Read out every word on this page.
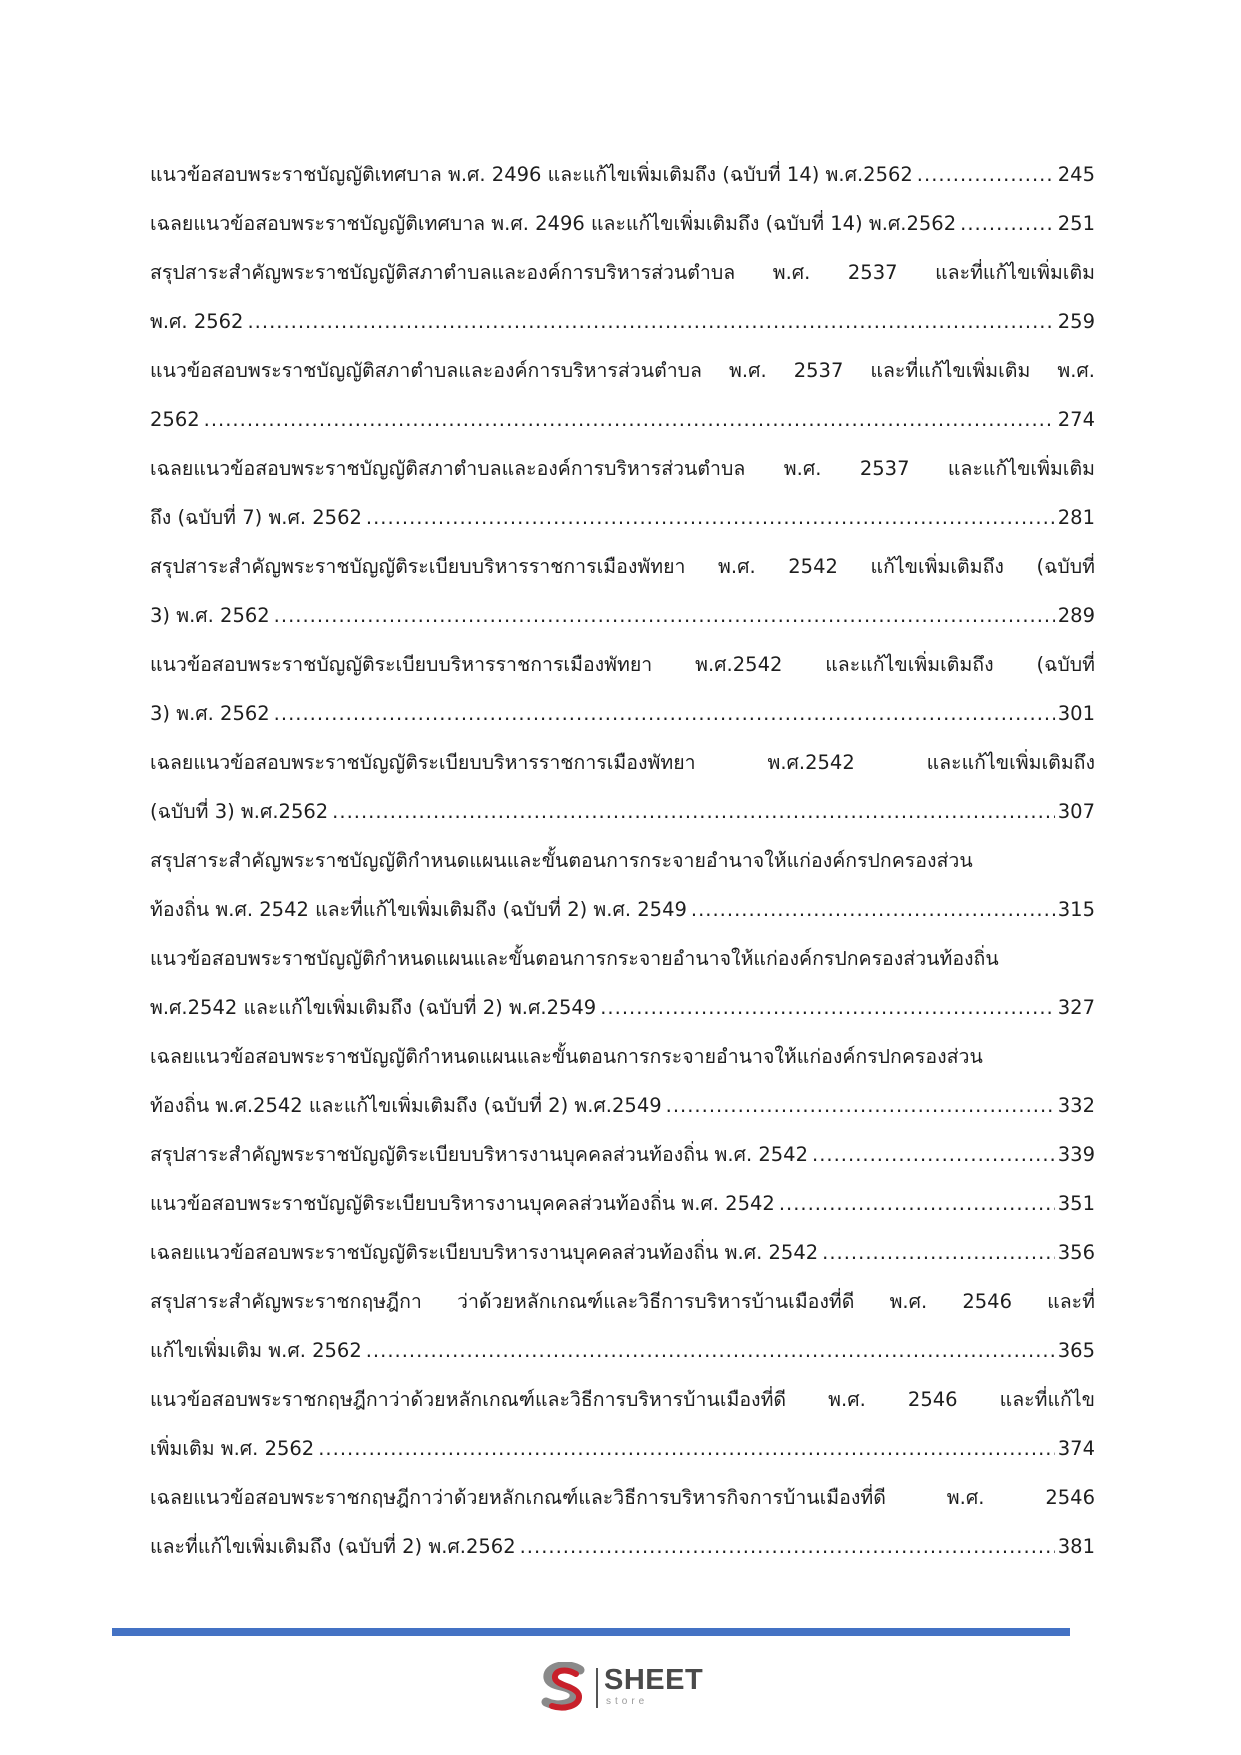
แนวข้อสอบพระราชบัญญัติเทศบาล พ.ศ. 2496 และแก้ไขเพิ่มเติมถึง (ฉบับที่ 14) พ.ศ.2562 .....	245
เฉลยแนวข้อสอบพระราชบัญญัติเทศบาล พ.ศ. 2496 และแก้ไขเพิ่มเติมถึง (ฉบับที่ 14) พ.ศ.2562 .....	251
สรุปสาระสำคัญพระราชบัญญัติสภาตำบลและองค์การบริหารส่วนตำบล พ.ศ. 2537 และที่แก้ไขเพิ่มเติม
พ.ศ. 2562 .....	259
แนวข้อสอบพระราชบัญญัติสภาตำบลและองค์การบริหารส่วนตำบล พ.ศ. 2537 และที่แก้ไขเพิ่มเติม พ.ศ.
2562 .....	274
เฉลยแนวข้อสอบพระราชบัญญัติสภาตำบลและองค์การบริหารส่วนตำบล พ.ศ. 2537 และแก้ไขเพิ่มเติม
ถึง (ฉบับที่ 7) พ.ศ. 2562 .....	281
สรุปสาระสำคัญพระราชบัญญัติระเบียบบริหารราชการเมืองพัทยา พ.ศ. 2542 แก้ไขเพิ่มเติมถึง (ฉบับที่
3) พ.ศ. 2562 .....	289
แนวข้อสอบพระราชบัญญัติระเบียบบริหารราชการเมืองพัทยา พ.ศ.2542 และแก้ไขเพิ่มเติมถึง (ฉบับที่
3) พ.ศ. 2562 .....	301
เฉลยแนวข้อสอบพระราชบัญญัติระเบียบบริหารราชการเมืองพัทยา พ.ศ.2542 และแก้ไขเพิ่มเติมถึง
(ฉบับที่ 3) พ.ศ.2562 .....	307
สรุปสาระสำคัญพระราชบัญญัติกำหนดแผนและขั้นตอนการกระจายอำนาจให้แก่องค์กรปกครองส่วน
ท้องถิ่น พ.ศ. 2542 และที่แก้ไขเพิ่มเติมถึง (ฉบับที่ 2) พ.ศ. 2549 .....	315
แนวข้อสอบพระราชบัญญัติกำหนดแผนและขั้นตอนการกระจายอำนาจให้แก่องค์กรปกครองส่วนท้องถิ่น
พ.ศ.2542 และแก้ไขเพิ่มเติมถึง (ฉบับที่ 2) พ.ศ.2549 .....	327
เฉลยแนวข้อสอบพระราชบัญญัติกำหนดแผนและขั้นตอนการกระจายอำนาจให้แก่องค์กรปกครองส่วน
ท้องถิ่น พ.ศ.2542 และแก้ไขเพิ่มเติมถึง (ฉบับที่ 2) พ.ศ.2549 .....	332
สรุปสาระสำคัญพระราชบัญญัติระเบียบบริหารงานบุคคลส่วนท้องถิ่น พ.ศ. 2542 .....	339
แนวข้อสอบพระราชบัญญัติระเบียบบริหารงานบุคคลส่วนท้องถิ่น พ.ศ. 2542 .....	351
เฉลยแนวข้อสอบพระราชบัญญัติระเบียบบริหารงานบุคคลส่วนท้องถิ่น พ.ศ. 2542 .....	356
สรุปสาระสำคัญพระราชกฤษฎีกา ว่าด้วยหลักเกณฑ์และวิธีการบริหารบ้านเมืองที่ดี พ.ศ. 2546 และที่
แก้ไขเพิ่มเติม พ.ศ. 2562 .....	365
แนวข้อสอบพระราชกฤษฎีกาว่าด้วยหลักเกณฑ์และวิธีการบริหารบ้านเมืองที่ดี พ.ศ. 2546 และที่แก้ไข
เพิ่มเติม พ.ศ. 2562 .....	374
เฉลยแนวข้อสอบพระราชกฤษฎีกาว่าด้วยหลักเกณฑ์และวิธีการบริหารกิจการบ้านเมืองที่ดี พ.ศ. 2546
และที่แก้ไขเพิ่มเติมถึง (ฉบับที่ 2) พ.ศ.2562 .....	381
SHEET
store
